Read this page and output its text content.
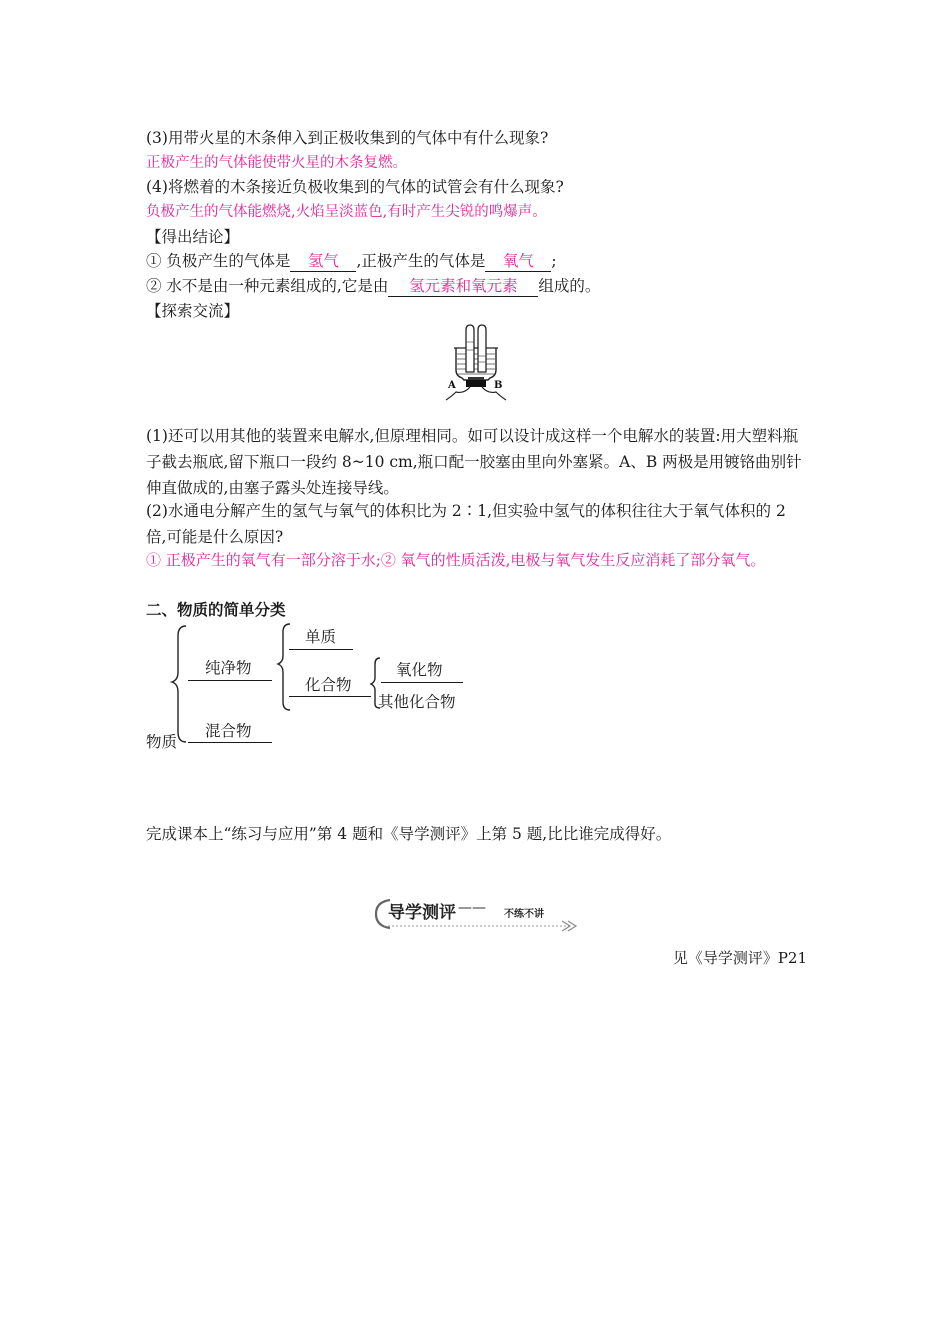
(3)用带火星的木条伸入到正极收集到的气体中有什么现象?
正极产生的气体能使带火星的木条复燃。
(4)将燃着的木条接近负极收集到的气体的试管会有什么现象?
负极产生的气体能燃烧,火焰呈淡蓝色,有时产生尖锐的鸣爆声。
【得出结论】
① 负极产生的气体是 氢气 ,正极产生的气体是 氧气 ;
② 水不是由一种元素组成的,它是由 氢元素和氧元素 组成的。
【探索交流】
A	B
(1)还可以用其他的装置来电解水,但原理相同。如可以设计成这样一个电解水的装置:用大塑料瓶子截去瓶底,留下瓶口一段约 8~10 cm,瓶口配一胶塞由里向外塞紧。A、B 两极是用镀铬曲别针伸直做成的,由塞子露头处连接导线。
(2)水通电分解产生的氢气与氧气的体积比为 2∶1,但实验中氢气的体积往往大于氧气体积的 2 倍,可能是什么原因?
① 正极产生的氧气有一部分溶于水;② 氧气的性质活泼,电极与氧气发生反应消耗了部分氧气。
二、物质的简单分类
纯净物
单质
化合物
氧化物
其他化合物
混合物
物质
完成课本上“练习与应用”第 4 题和《导学测评》上第 5 题,比比谁完成得好。
导学测评 —— 不练不讲
见《导学测评》P21
